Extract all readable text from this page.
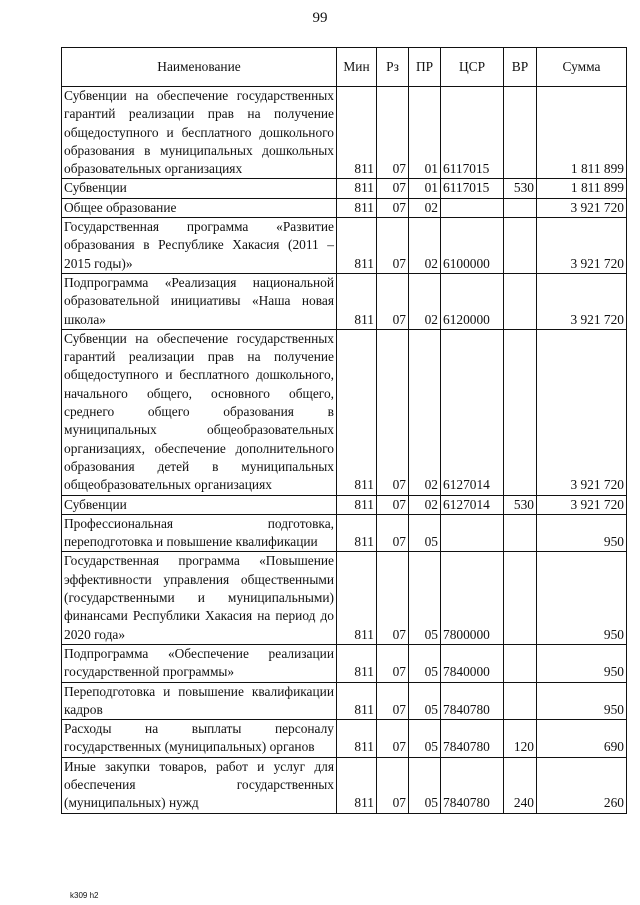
99
Наименование	Мин	Рз	ПР	ЦСР	ВР	Сумма
Субвенции на обеспечение государственных гарантий реализации прав на получение общедоступного и бесплатного дошкольного образования в муниципальных дошкольных образовательных организациях	811	07	01	6117015		1 811 899
Субвенции	811	07	01	6117015	530	1 811 899
Общее образование	811	07	02			3 921 720
Государственная программа «Развитие образования в Республике Хакасия (2011 – 2015 годы)»	811	07	02	6100000		3 921 720
Подпрограмма «Реализация национальной образовательной инициативы «Наша новая школа»	811	07	02	6120000		3 921 720
Субвенции на обеспечение государственных гарантий реализации прав на получение общедоступного и бесплатного дошкольного, начального общего, основного общего, среднего общего образования в муниципальных общеобразовательных организациях, обеспечение дополнительного образования детей в муниципальных общеобразовательных организациях	811	07	02	6127014		3 921 720
Субвенции	811	07	02	6127014	530	3 921 720
Профессиональная подготовка, переподготовка и повышение квалификации	811	07	05			950
Государственная программа «Повышение эффективности управления общественными (государственными и муниципальными) финансами Республики Хакасия на период до 2020 года»	811	07	05	7800000		950
Подпрограмма «Обеспечение реализации государственной программы»	811	07	05	7840000		950
Переподготовка и повышение квалификации кадров	811	07	05	7840780		950
Расходы на выплаты персоналу государственных (муниципальных) органов	811	07	05	7840780	120	690
Иные закупки товаров, работ и услуг для обеспечения государственных (муниципальных) нужд	811	07	05	7840780	240	260
k309 h2
